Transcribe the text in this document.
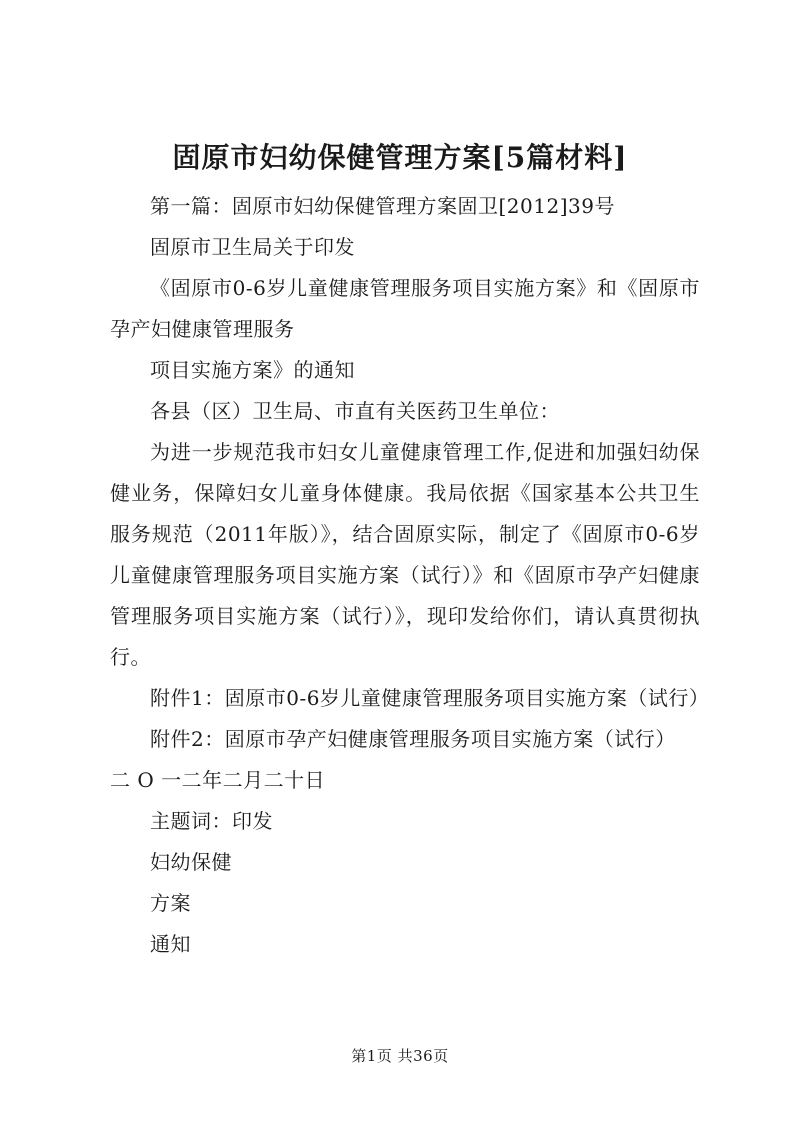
固原市妇幼保健管理方案[5篇材料]

第一篇：固原市妇幼保健管理方案固卫[2012]39号

固原市卫生局关于印发

《固原市0-6岁儿童健康管理服务项目实施方案》和《固原市孕产妇健康管理服务

项目实施方案》的通知

各县（区）卫生局、市直有关医药卫生单位：

为进一步规范我市妇女儿童健康管理工作,促进和加强妇幼保健业务，保障妇女儿童身体健康。我局依据《国家基本公共卫生服务规范（2011年版）》，结合固原实际，制定了《固原市0-6岁儿童健康管理服务项目实施方案（试行）》和《固原市孕产妇健康管理服务项目实施方案（试行）》，现印发给你们，请认真贯彻执行。

附件1：固原市0-6岁儿童健康管理服务项目实施方案（试行）

附件2：固原市孕产妇健康管理服务项目实施方案（试行）

二 O 一二年二月二十日

主题词：印发

妇幼保健

方案

通知

第1页 共36页
